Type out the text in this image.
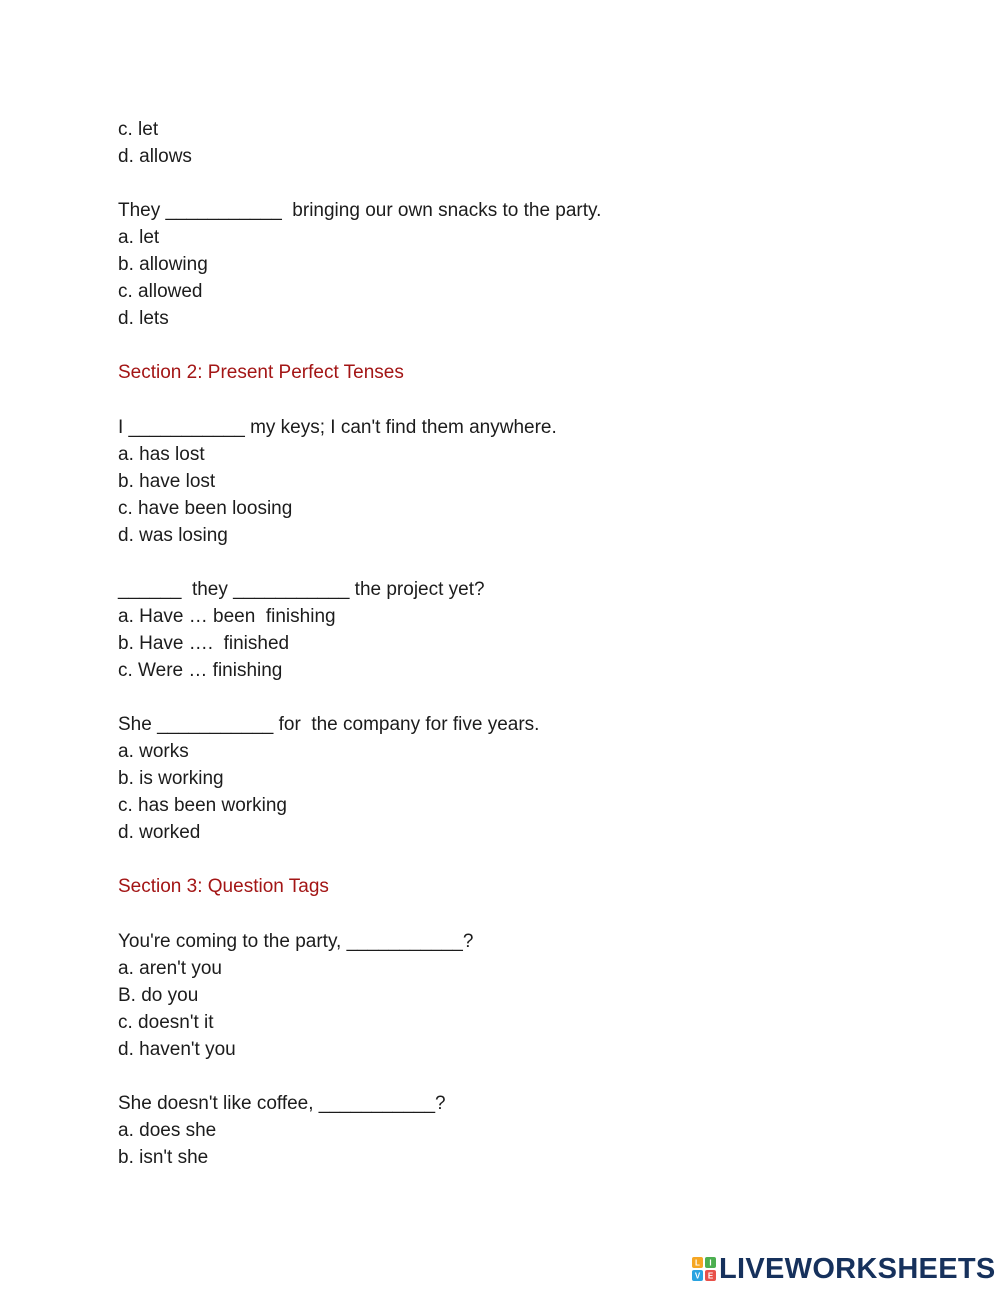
c. let
d. allows
They ___________  bringing our own snacks to the party.
a. let
b. allowing
c. allowed
d. lets
Section 2: Present Perfect Tenses
I ___________ my keys; I can't find them anywhere.
a. has lost
b. have lost
c. have been loosing
d. was losing
______  they ___________ the project yet?
a. Have … been  finishing
b. Have ….  finished
c. Were … finishing
She ___________ for  the company for five years.
a. works
b. is working
c. has been working
d. worked
Section 3: Question Tags
You're coming to the party, ___________?
a. aren't you
B. do you
c. doesn't it
d. haven't you
She doesn't like coffee, ___________?
a. does she
b. isn't she
L I
V E LIVEWORKSHEETS
